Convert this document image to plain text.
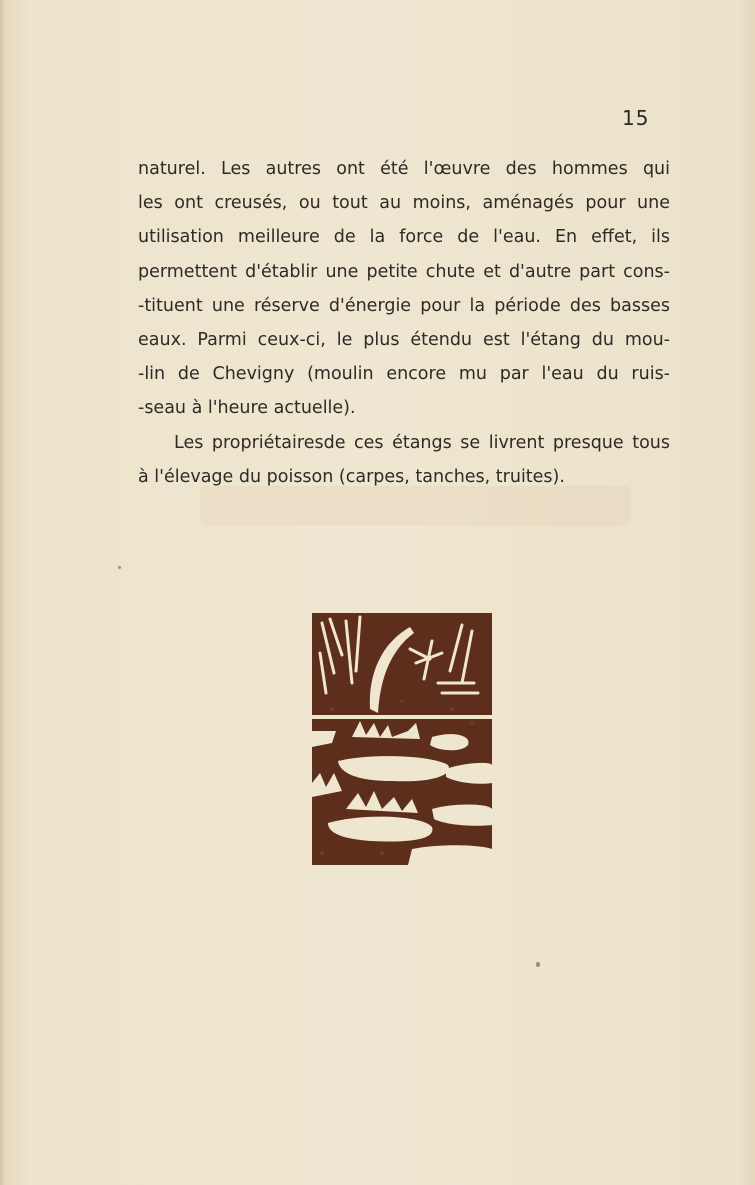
15
naturel. Les autres ont été l'œuvre des hommes qui
les ont creusés, ou tout au moins, aménagés pour une
utilisation meilleure de la force de l'eau. En effet, ils
permettent d'établir une petite chute et d'autre part cons-
-tituent une réserve d'énergie pour la période des basses
eaux. Parmi ceux-ci, le plus étendu est l'étang du mou-
-lin de Chevigny (moulin encore mu par l'eau du ruis-
-seau à l'heure actuelle).
Les propriétairesde ces étangs se livrent presque tous
à l'élevage du poisson (carpes, tanches, truites).
